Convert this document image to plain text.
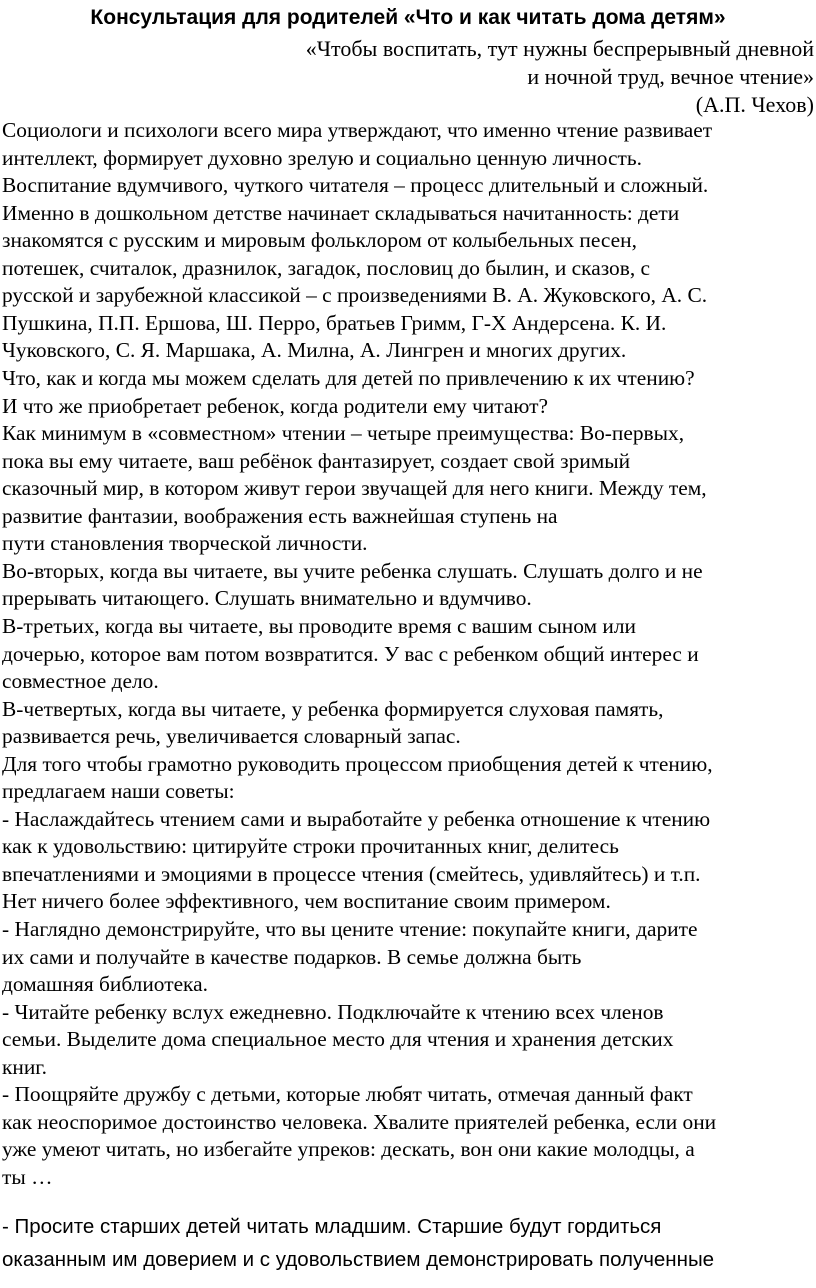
Консультация для родителей «Что и как читать дома детям»
«Чтобы воспитать, тут нужны беспрерывный дневной
и ночной труд, вечное чтение»
(А.П. Чехов)
Социологи и психологи всего мира утверждают, что именно чтение развивает
интеллект, формирует духовно зрелую и социально ценную личность.
Воспитание вдумчивого, чуткого читателя – процесс длительный и сложный.
Именно в дошкольном детстве начинает складываться начитанность: дети
знакомятся с русским и мировым фольклором от колыбельных песен,
потешек, считалок, дразнилок, загадок, пословиц до былин, и сказов, с
русской и зарубежной классикой – с произведениями В. А. Жуковского, А. С.
Пушкина, П.П. Ершова, Ш. Перро, братьев Гримм, Г-Х Андерсена. К. И.
Чуковского, С. Я. Маршака, А. Милна, А. Лингрен и многих других.
Что, как и когда мы можем сделать для детей по привлечению к их чтению?
И что же приобретает ребенок, когда родители ему читают?
Как минимум в «совместном» чтении – четыре преимущества: Во-первых,
пока вы ему читаете, ваш ребёнок фантазирует, создает свой зримый
сказочный мир, в котором живут герои звучащей для него книги. Между тем,
развитие фантазии, воображения есть важнейшая ступень на
пути становления творческой личности.
Во-вторых, когда вы читаете, вы учите ребенка слушать. Слушать долго и не
прерывать читающего. Слушать внимательно и вдумчиво.
В-третьих, когда вы читаете, вы проводите время с вашим сыном или
дочерью, которое вам потом возвратится. У вас с ребенком общий интерес и
совместное дело.
В-четвертых, когда вы читаете, у ребенка формируется слуховая память,
развивается речь, увеличивается словарный запас.
Для того чтобы грамотно руководить процессом приобщения детей к чтению,
предлагаем наши советы:
- Наслаждайтесь чтением сами и выработайте у ребенка отношение к чтению
как к удовольствию: цитируйте строки прочитанных книг, делитесь
впечатлениями и эмоциями в процессе чтения (смейтесь, удивляйтесь) и т.п.
Нет ничего более эффективного, чем воспитание своим примером.
- Наглядно демонстрируйте, что вы цените чтение: покупайте книги, дарите
их сами и получайте в качестве подарков. В семье должна быть
домашняя библиотека.
- Читайте ребенку вслух ежедневно. Подключайте к чтению всех членов
семьи. Выделите дома специальное место для чтения и хранения детских
книг.
- Поощряйте дружбу с детьми, которые любят читать, отмечая данный факт
как неоспоримое достоинство человека. Хвалите приятелей ребенка, если они
уже умеют читать, но избегайте упреков: дескать, вон они какие молодцы, а
ты …
- Просите старших детей читать младшим. Старшие будут гордиться
оказанным им доверием и с удовольствием демонстрировать полученные
